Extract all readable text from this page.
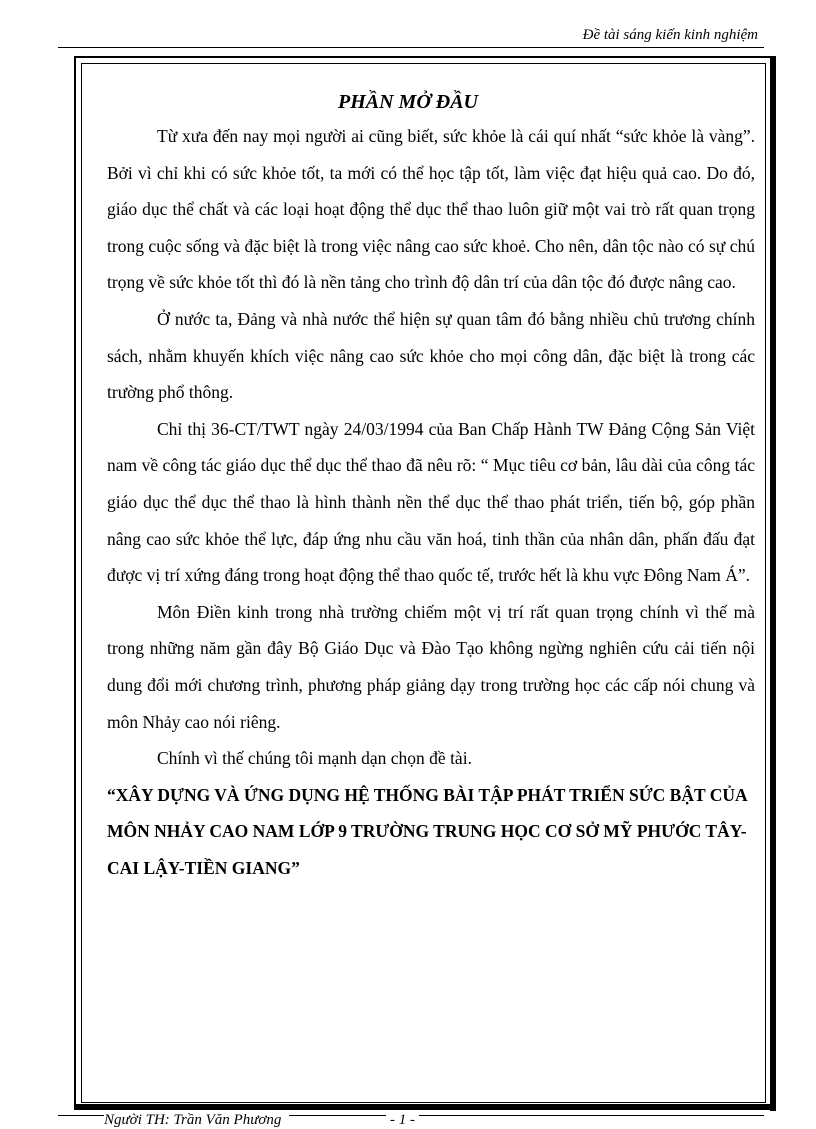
Đề tài sáng kiến kinh nghiệm
PHẦN MỞ ĐẦU

Từ xưa đến nay mọi người ai cũng biết, sức khỏe là cái quí nhất “sức khỏe là vàng”. Bởi vì chỉ khi có sức khỏe tốt, ta mới có thể học tập tốt, làm việc đạt hiệu quả cao. Do đó, giáo dục thể chất và các loại hoạt động thể dục thể thao luôn giữ một vai trò rất quan trọng trong cuộc sống và đặc biệt là trong việc nâng cao sức khoẻ. Cho nên, dân tộc nào có sự chú trọng về sức khỏe tốt thì đó là nền tảng cho trình độ dân trí của dân tộc đó được nâng cao.

Ở nước ta, Đảng và nhà nước thể hiện sự quan tâm đó bằng nhiều chủ trương chính sách, nhằm khuyến khích việc nâng cao sức khỏe cho mọi công dân, đặc biệt là trong các trường phổ thông.

Chỉ thị 36-CT/TWT ngày 24/03/1994 của Ban Chấp Hành TW Đảng Cộng Sản Việt nam về công tác giáo dục thể dục thể thao đã nêu rõ: “ Mục tiêu cơ bản, lâu dài của công tác giáo dục thể dục thể thao là hình thành nền thể dục thể thao phát triển, tiến bộ, góp phần nâng cao sức khỏe thể lực, đáp ứng nhu cầu văn hoá, tinh thần của nhân dân, phấn đấu đạt được vị trí xứng đáng trong hoạt động thể thao quốc tế, trước hết là khu vực Đông Nam Á”.

Môn Điền kinh trong nhà trường chiếm một vị trí rất quan trọng chính vì thế mà trong những năm gần đây Bộ Giáo Dục và Đào Tạo không ngừng nghiên cứu cải tiến nội dung đổi mới chương trình, phương pháp giảng dạy trong trường học các cấp nói chung và môn Nhảy cao nói riêng.

Chính vì thế chúng tôi mạnh dạn chọn đề tài.

“XÂY DỰNG VÀ ỨNG DỤNG HỆ THỐNG BÀI TẬP PHÁT TRIỂN SỨC BẬT CỦA MÔN NHẢY CAO NAM LỚP 9 TRƯỜNG TRUNG HỌC CƠ SỞ MỸ PHƯỚC TÂY- CAI LẬY-TIỀN GIANG”

Người TH: Trần Văn Phương	- 1 -
